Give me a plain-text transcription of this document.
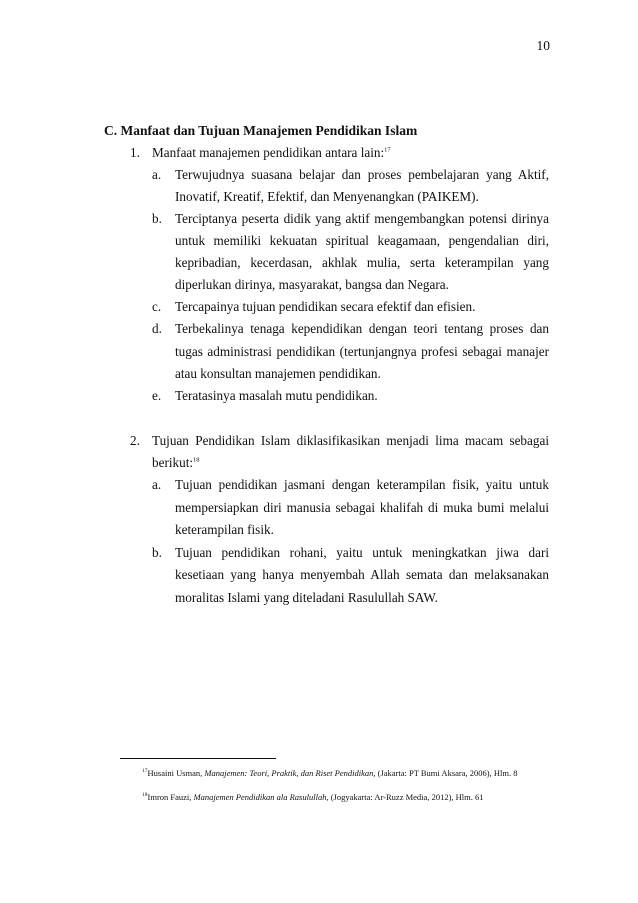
10
C. Manfaat dan Tujuan Manajemen Pendidikan Islam
1. Manfaat manajemen pendidikan antara lain:$^{17}$
a. Terwujudnya suasana belajar dan proses pembelajaran yang Aktif,
Inovatif, Kreatif, Efektif, dan Menyenangkan (PAIKEM).
b. Terciptanya peserta didik yang aktif mengembangkan potensi dirinya
untuk memiliki kekuatan spiritual keagamaan, pengendalian diri,
kepribadian, kecerdasan, akhlak mulia, serta keterampilan yang
diperlukan dirinya, masyarakat, bangsa dan Negara.
c. Tercapainya tujuan pendidikan secara efektif dan efisien.
d. Terbekalinya tenaga kependidikan dengan teori tentang proses dan
tugas administrasi pendidikan (tertunjangnya profesi sebagai manajer
atau konsultan manajemen pendidikan.
e. Teratasinya masalah mutu pendidikan.
2. Tujuan Pendidikan Islam diklasifikasikan menjadi lima macam sebagai
berikut:$^{18}$
a. Tujuan pendidikan jasmani dengan keterampilan fisik, yaitu untuk
mempersiapkan diri manusia sebagai khalifah di muka bumi melalui
keterampilan fisik.
b. Tujuan pendidikan rohani, yaitu untuk meningkatkan jiwa dari
kesetiaan yang hanya menyembah Allah semata dan melaksanakan
moralitas Islami yang diteladani Rasulullah SAW.
$^{17}$Husaini Usman, Manajemen: Teori, Praktik, dan Riset Pendidikan, (Jakarta: PT Bumi Aksara, 2006), Hlm. 8
$^{18}$Imron Fauzi, Manajemen Pendidikan ala Rasulullah, (Jogyakarta: Ar-Ruzz Media, 2012), Hlm. 61
